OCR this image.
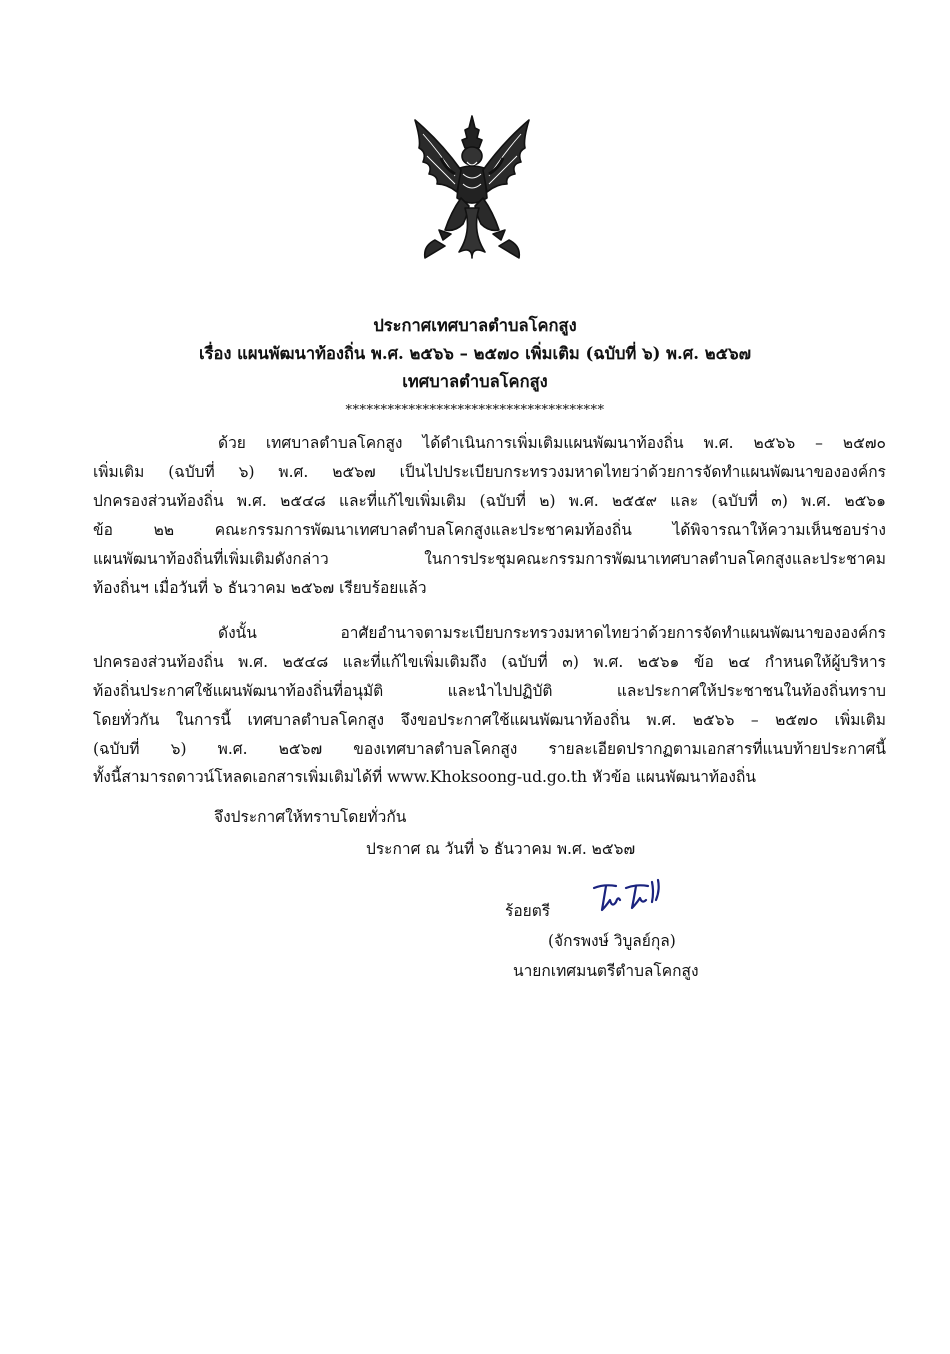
ประกาศเทศบาลตำบลโคกสูง
เรื่อง แผนพัฒนาท้องถิ่น พ.ศ. ๒๕๖๖ – ๒๕๗๐ เพิ่มเติม (ฉบับที่ ๖) พ.ศ. ๒๕๖๗
เทศบาลตำบลโคกสูง
*************************************
ด้วย เทศบาลตำบลโคกสูง ได้ดำเนินการเพิ่มเติมแผนพัฒนาท้องถิ่น พ.ศ. ๒๕๖๖ – ๒๕๗๐
เพิ่มเติม (ฉบับที่ ๖) พ.ศ. ๒๕๖๗ เป็นไปประเบียบกระทรวงมหาดไทยว่าด้วยการจัดทำแผนพัฒนาขององค์กร
ปกครองส่วนท้องถิ่น พ.ศ. ๒๕๔๘ และที่แก้ไขเพิ่มเติม (ฉบับที่ ๒) พ.ศ. ๒๕๕๙ และ (ฉบับที่ ๓) พ.ศ. ๒๕๖๑
ข้อ ๒๒ คณะกรรมการพัฒนาเทศบาลตำบลโคกสูงและประชาคมท้องถิ่น ได้พิจารณาให้ความเห็นชอบร่าง
แผนพัฒนาท้องถิ่นที่เพิ่มเติมดังกล่าว ในการประชุมคณะกรรมการพัฒนาเทศบาลตำบลโคกสูงและประชาคม
ท้องถิ่นฯ เมื่อวันที่ ๖ ธันวาคม ๒๕๖๗ เรียบร้อยแล้ว
ดังนั้น อาศัยอำนาจตามระเบียบกระทรวงมหาดไทยว่าด้วยการจัดทำแผนพัฒนาขององค์กร
ปกครองส่วนท้องถิ่น พ.ศ. ๒๕๔๘ และที่แก้ไขเพิ่มเติมถึง (ฉบับที่ ๓) พ.ศ. ๒๕๖๑ ข้อ ๒๔ กำหนดให้ผู้บริหาร
ท้องถิ่นประกาศใช้แผนพัฒนาท้องถิ่นที่อนุมัติ และนำไปปฏิบัติ และประกาศให้ประชาชนในท้องถิ่นทราบ
โดยทั่วกัน ในการนี้ เทศบาลตำบลโคกสูง จึงขอประกาศใช้แผนพัฒนาท้องถิ่น พ.ศ. ๒๕๖๖ – ๒๕๗๐ เพิ่มเติม
(ฉบับที่ ๖) พ.ศ. ๒๕๖๗ ของเทศบาลตำบลโคกสูง รายละเอียดปรากฏตามเอกสารที่แนบท้ายประกาศนี้
ทั้งนี้สามารถดาวน์โหลดเอกสารเพิ่มเติมได้ที่ www.Khoksoong-ud.go.th หัวข้อ แผนพัฒนาท้องถิ่น
จึงประกาศให้ทราบโดยทั่วกัน
ประกาศ ณ วันที่ ๖ ธันวาคม พ.ศ. ๒๕๖๗
ร้อยตรี
(จักรพงษ์ วิบูลย์กุล)
นายกเทศมนตรีตำบลโคกสูง
